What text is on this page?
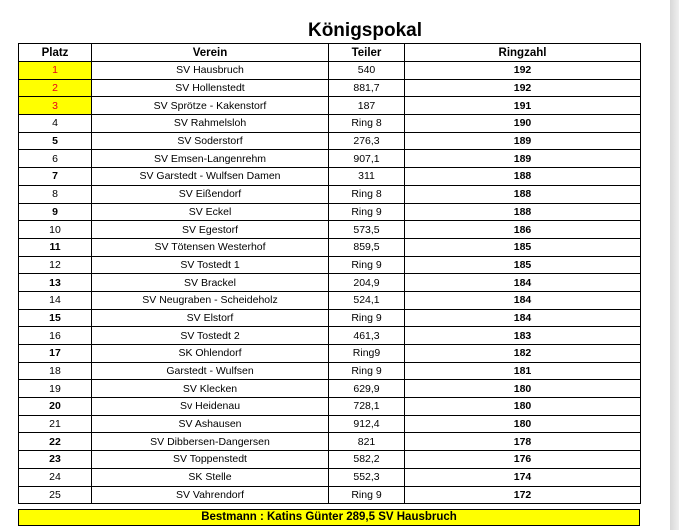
Königspokal
Platz	Verein	Teiler	Ringzahl
1	SV Hausbruch	540	192
2	SV Hollenstedt	881,7	192
3	SV Sprötze - Kakenstorf	187	191
4	SV Rahmelsloh	Ring 8	190
5	SV Soderstorf	276,3	189
6	SV Emsen-Langenrehm	907,1	189
7	SV Garstedt - Wulfsen Damen	311	188
8	SV Eißendorf	Ring 8	188
9	SV Eckel	Ring 9	188
10	SV Egestorf	573,5	186
11	SV Tötensen Westerhof	859,5	185
12	SV Tostedt 1	Ring 9	185
13	SV Brackel	204,9	184
14	SV Neugraben - Scheideholz	524,1	184
15	SV Elstorf	Ring 9	184
16	SV Tostedt 2	461,3	183
17	SK Ohlendorf	Ring9	182
18	Garstedt - Wulfsen	Ring 9	181
19	SV Klecken	629,9	180
20	Sv Heidenau	728,1	180
21	SV Ashausen	912,4	180
22	SV Dibbersen-Dangersen	821	178
23	SV Toppenstedt	582,2	176
24	SK Stelle	552,3	174
25	SV Vahrendorf	Ring 9	172
Bestmann : Katins Günter 289,5 SV Hausbruch
